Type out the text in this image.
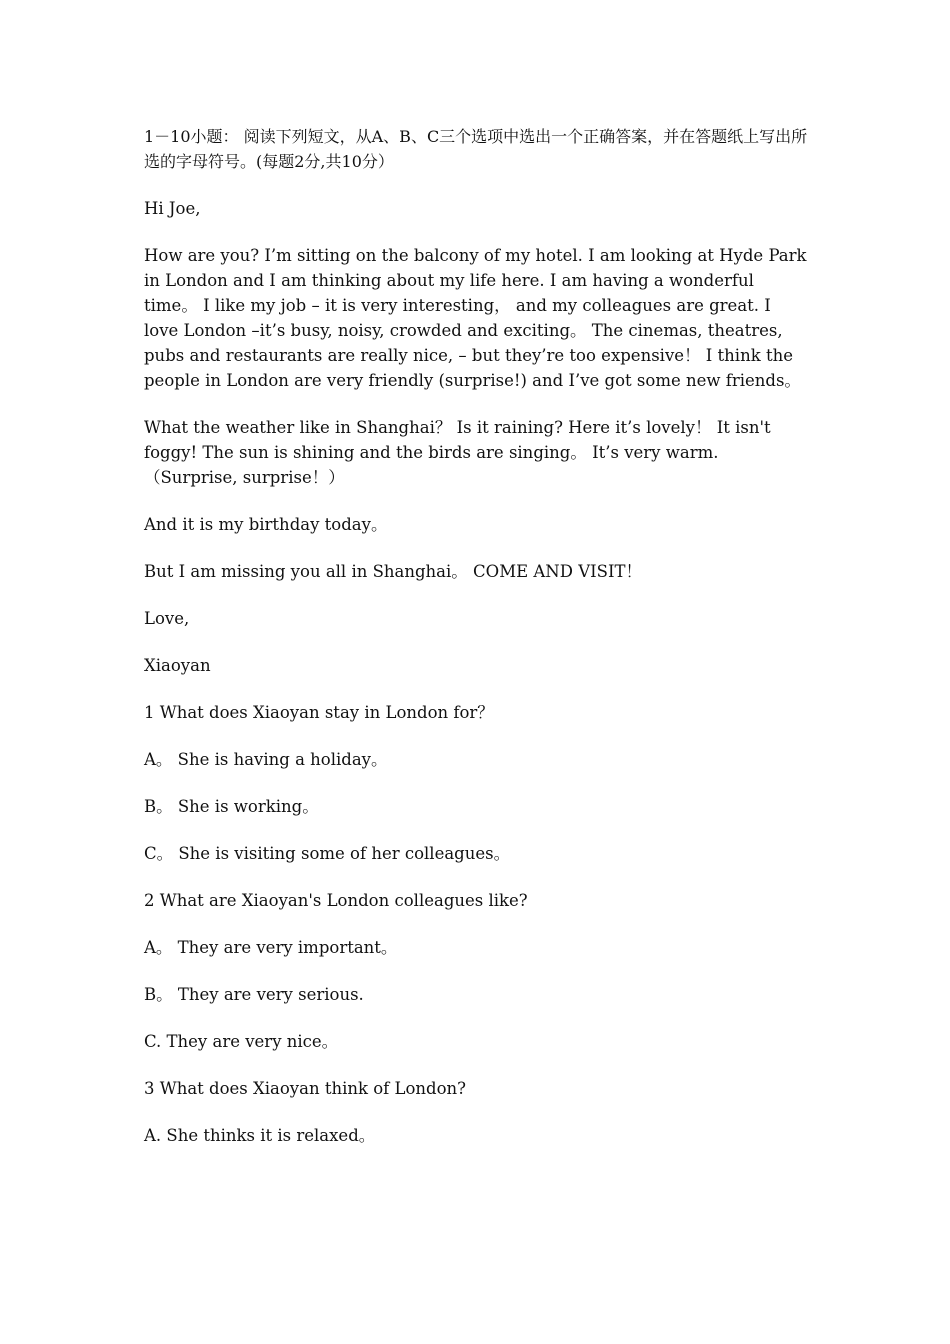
1－10小题： 阅读下列短文，从A、B、C三个选项中选出一个正确答案，并在答题纸上写出所选的字母符号。(每题2分,共10分）

Hi Joe,

How are you? I’m sitting on the balcony of my hotel. I am looking at Hyde Park in London and I am thinking about my life here. I am having a wonderful time。 I like my job – it is very interesting， and my colleagues are great. I love London –it’s busy, noisy, crowded and exciting。 The cinemas, theatres, pubs and restaurants are really nice, – but they’re too expensive！ I think the people in London are very friendly (surprise!) and I’ve got some new friends。

What the weather like in Shanghai？ Is it raining? Here it’s lovely！ It isn't foggy! The sun is shining and the birds are singing。 It’s very warm.（Surprise, surprise！）

And it is my birthday today。

But I am missing you all in Shanghai。 COME AND VISIT！

Love,

Xiaoyan

1 What does Xiaoyan stay in London for？

A。 She is having a holiday。

B。 She is working。

C。 She is visiting some of her colleagues。

2 What are Xiaoyan's London colleagues like?

A。 They are very important。

B。 They are very serious.

C. They are very nice。

3 What does Xiaoyan think of London?

A. She thinks it is relaxed。
